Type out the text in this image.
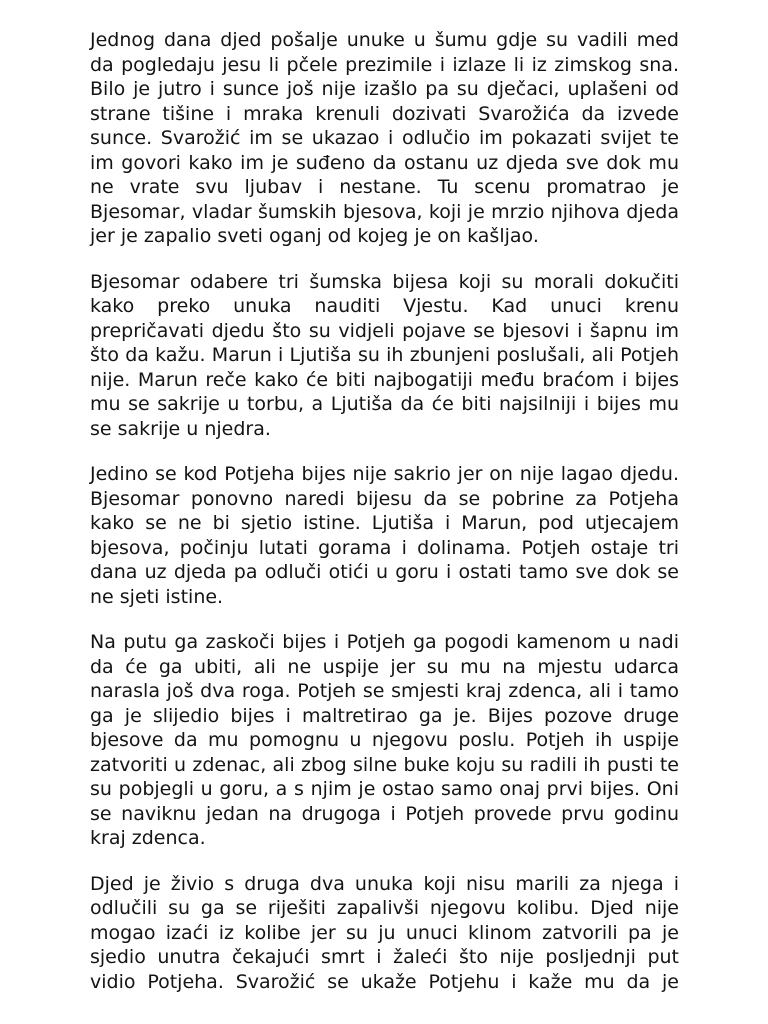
Jednog dana djed pošalje unuke u šumu gdje su vadili med da pogledaju jesu li pčele prezimile i izlaze li iz zimskog sna. Bilo je jutro i sunce još nije izašlo pa su dječaci, uplašeni od strane tišine i mraka krenuli dozivati Svarožića da izvede sunce. Svarožić im se ukazao i odlučio im pokazati svijet te im govori kako im je suđeno da ostanu uz djeda sve dok mu ne vrate svu ljubav i nestane. Tu scenu promatrao je Bjesomar, vladar šumskih bjesova, koji je mrzio njihova djeda jer je zapalio sveti oganj od kojeg je on kašljao.

Bjesomar odabere tri šumska bijesa koji su morali dokučiti kako preko unuka nauditi Vjestu. Kad unuci krenu prepričavati djedu što su vidjeli pojave se bjesovi i šapnu im što da kažu. Marun i Ljutiša su ih zbunjeni poslušali, ali Potjeh nije. Marun reče kako će biti najbogatiji među braćom i bijes mu se sakrije u torbu, a Ljutiša da će biti najsilniji i bijes mu se sakrije u njedra.

Jedino se kod Potjeha bijes nije sakrio jer on nije lagao djedu. Bjesomar ponovno naredi bijesu da se pobrine za Potjeha kako se ne bi sjetio istine. Ljutiša i Marun, pod utjecajem bjesova, počinju lutati gorama i dolinama. Potjeh ostaje tri dana uz djeda pa odluči otići u goru i ostati tamo sve dok se ne sjeti istine.

Na putu ga zaskoči bijes i Potjeh ga pogodi kamenom u nadi da će ga ubiti, ali ne uspije jer su mu na mjestu udarca narasla još dva roga. Potjeh se smjesti kraj zdenca, ali i tamo ga je slijedio bijes i maltretirao ga je. Bijes pozove druge bjesove da mu pomognu u njegovu poslu. Potjeh ih uspije zatvoriti u zdenac, ali zbog silne buke koju su radili ih pusti te su pobjegli u goru, a s njim je ostao samo onaj prvi bijes. Oni se naviknu jedan na drugoga i Potjeh provede prvu godinu kraj zdenca.

Djed je živio s druga dva unuka koji nisu marili za njega i odlučili su ga se riješiti zapalivši njegovu kolibu. Djed nije mogao izaći iz kolibe jer su ju unuci klinom zatvorili pa je sjedio unutra čekajući smrt i žaleći što nije posljednji put vidio Potjeha. Svarožić se ukaže Potjehu i kaže mu da je
